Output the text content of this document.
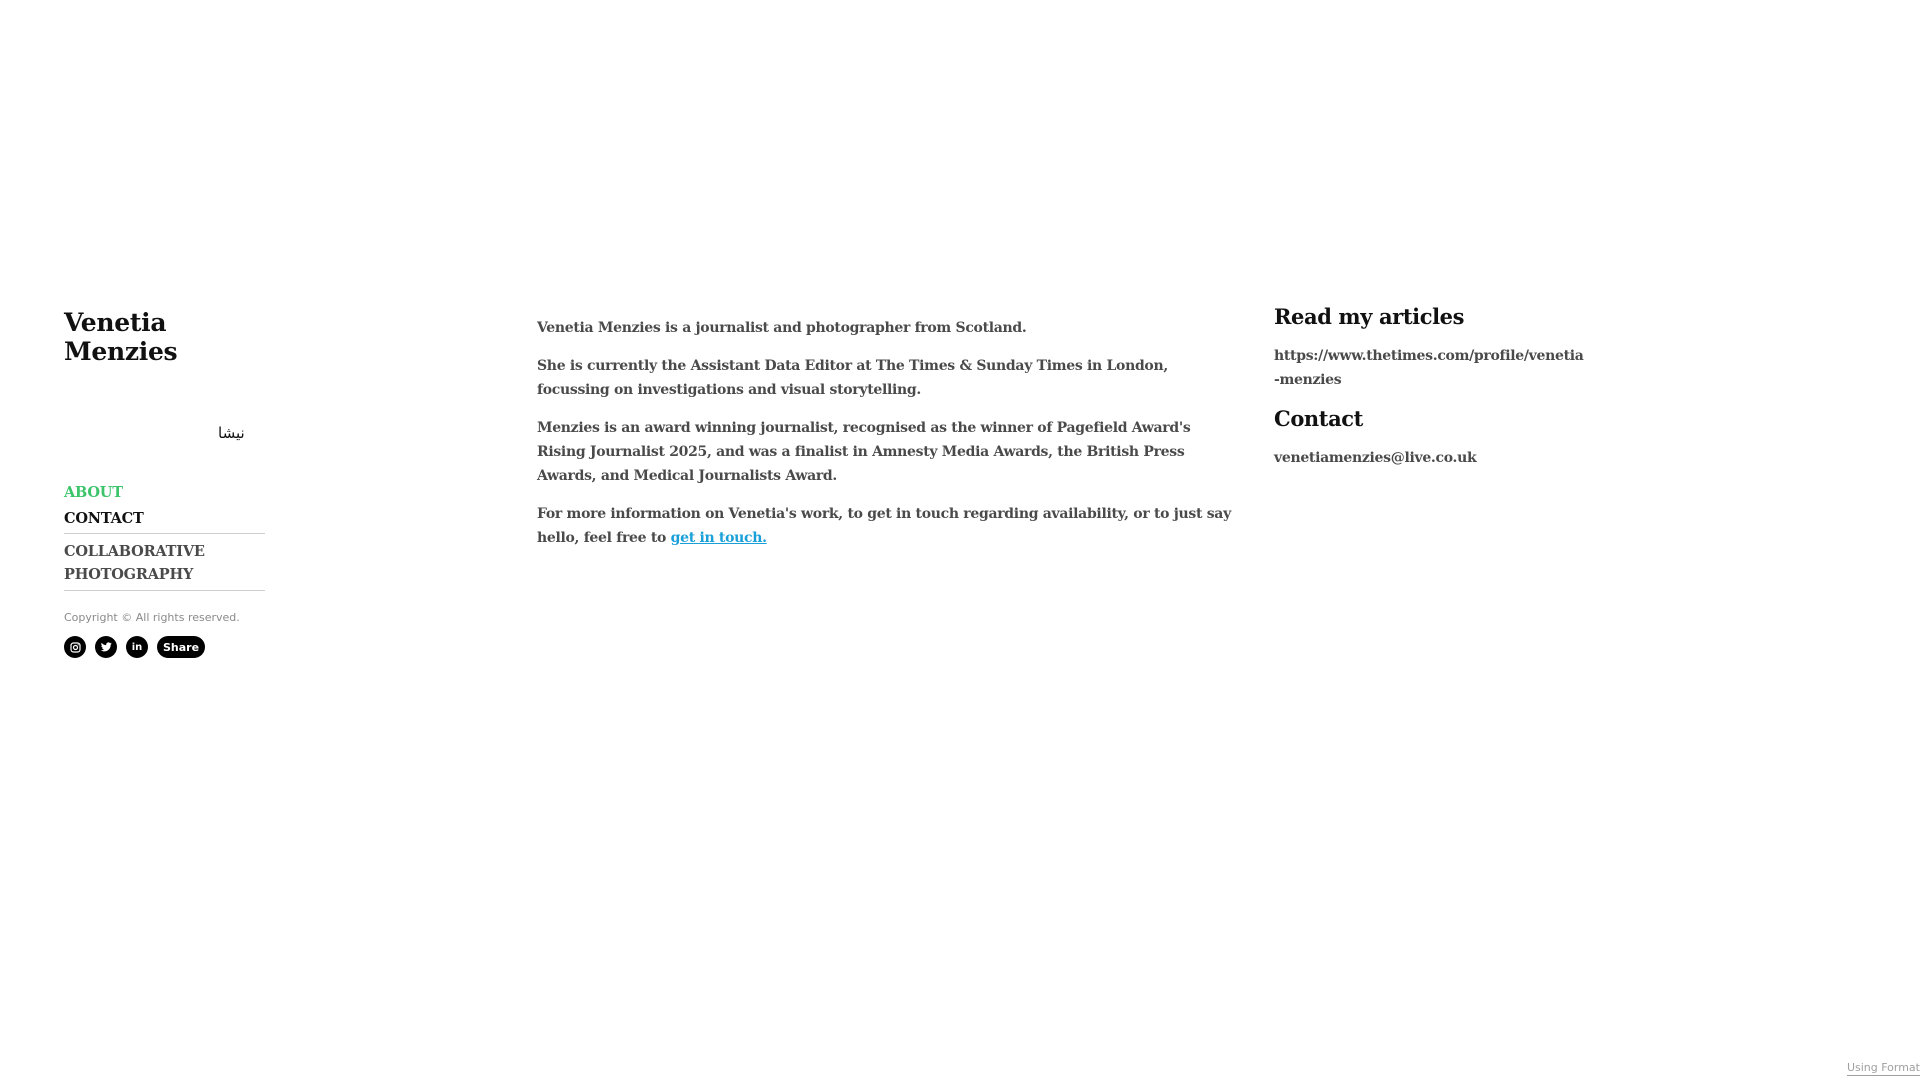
Venetia
Menzies
نیشا
ABOUT
CONTACT
COLLABORATIVE PHOTOGRAPHY
Copyright © All rights reserved.
in	Share

Venetia Menzies is a journalist and photographer from Scotland.

She is currently the Assistant Data Editor at The Times & Sunday Times in London, focussing on investigations and visual storytelling.

Menzies is an award winning journalist, recognised as the winner of Pagefield Award's Rising Journalist 2025, and was a finalist in Amnesty Media Awards, the British Press Awards, and Medical Journalists Award.

For more information on Venetia's work, to get in touch regarding availability, or to just say hello, feel free to get in touch.

Read my articles

https://www.thetimes.com/profile/venetia-menzies

Contact

venetiamenzies@live.co.uk

Using Format
